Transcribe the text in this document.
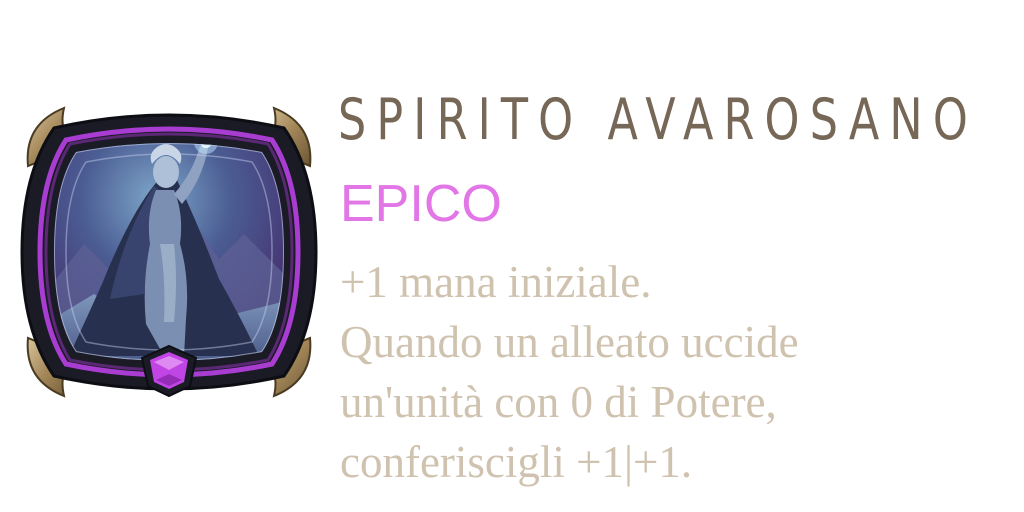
SPIRITO AVAROSANO
EPICO
+1 mana iniziale.
Quando un alleato uccide
un'unità con 0 di Potere,
conferiscigli +1|+1.
